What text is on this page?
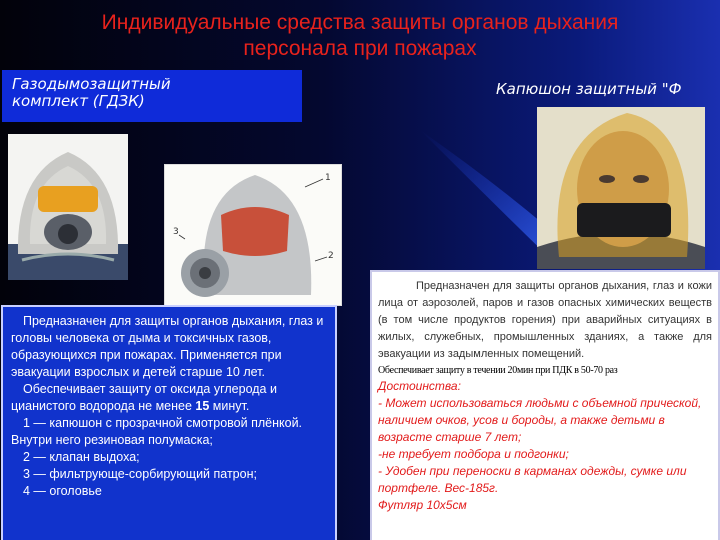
Индивидуальные средства защиты органов дыхания
персонала при пожарах
Газодымозащитный
комплект (ГДЗК)
Капюшон защитный "Ф
1
2
3

Предназначен для защиты органов дыхания, глаз и головы человека от дыма и токсичных газов, образующихся при пожарах. Применяется при эвакуации взрослых и детей старше 10 лет.

Обеспечивает защиту от оксида углерода и цианистого водорода не менее 15 минут.

1 — капюшон с прозрачной смотровой плёнкой. Внутри него резиновая полумаска;

2 — клапан выдоха;

3 — фильтрующе-сорбирующий патрон;

4 — оголовье

Предназначен для защиты органов дыхания, глаз и кожи лица от аэрозолей, паров и газов опасных химических веществ (в том числе продуктов горения) при аварийных ситуациях в жилых, служебных, промышленных зданиях, а также для эвакуации из задымленных помещений.

Обеспечивает защиту в течении 20мин при ПДК в 50-70 раз

Достоинства:

- Может использоваться людьми с объемной прической, наличием очков, усов и бороды, а также детьми в возрасте старше 7 лет;

-не требует подбора и подгонки;

- Удобен при переноски в карманах одежды, сумке или портфеле. Вес-185г.

Футляр 10х5см
